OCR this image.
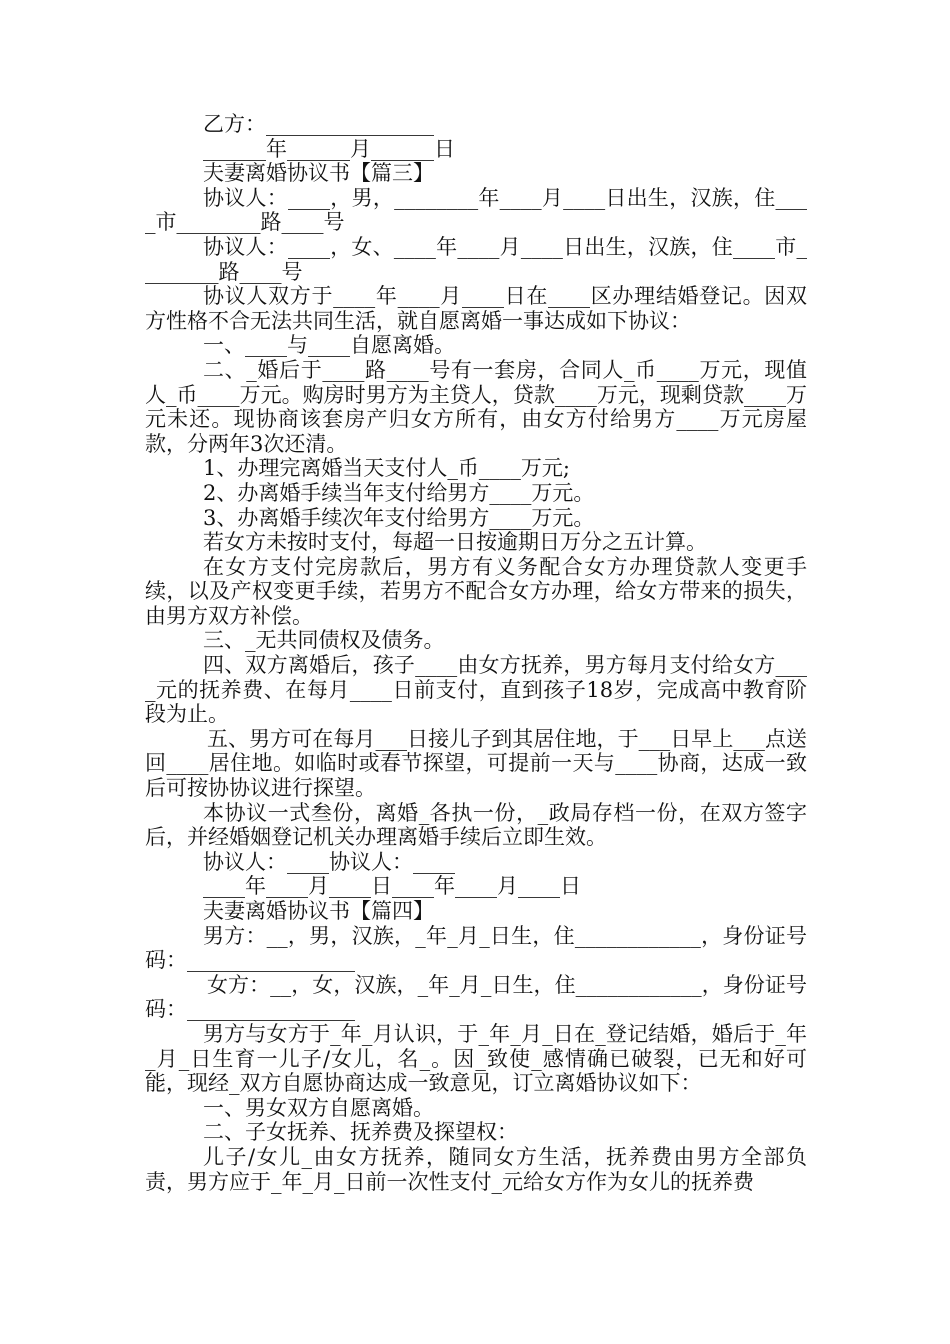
乙方：________________

______年______月______日

夫妻离婚协议书【篇三】

协议人：____，男，________年____月____日出生，汉族，住____市________路____号

协议人：____，女、____年____月____日出生，汉族，住____市________路____号

协议人双方于____年____月____日在____区办理结婚登记。因双方性格不合无法共同生活，就自愿离婚一事达成如下协议：

一、____与____自愿离婚。

二、_婚后于____路____号有一套房，合同人_币____万元，现值人_币____万元。购房时男方为主贷人，贷款____万元，现剩贷款____万元未还。现协商该套房产归女方所有，由女方付给男方____万元房屋款，分两年3次还清。

1、办理完离婚当天支付人_币____万元;

2、办离婚手续当年支付给男方____万元。

3、办离婚手续次年支付给男方____万元。

若女方未按时支付，每超一日按逾期日万分之五计算。

在女方支付完房款后，男方有义务配合女方办理贷款人变更手续，以及产权变更手续，若男方不配合女方办理，给女方带来的损失，由男方双方补偿。

三、_无共同债权及债务。

四、双方离婚后，孩子____由女方抚养，男方每月支付给女方____元的抚养费、在每月____日前支付，直到孩子18岁，完成高中教育阶段为止。

五、男方可在每月___日接儿子到其居住地，于___日早上___点送回____居住地。如临时或春节探望，可提前一天与____协商，达成一致后可按协协议进行探望。

本协议一式叁份，离婚_各执一份，_政局存档一份，在双方签字后，并经婚姻登记机关办理离婚手续后立即生效。

协议人：____协议人：____

____年____月____日____年____月____日

夫妻离婚协议书【篇四】

男方：__，男，汉族，_年_月_日生，住____________，身份证号码：________________

女方：__，女，汉族，_年_月_日生，住____________，身份证号码：________________

男方与女方于_年_月认识，于_年_月_日在_登记结婚，婚后于_年_月_日生育一儿子/女儿，名_。因_致使_感情确已破裂，已无和好可能，现经_双方自愿协商达成一致意见，订立离婚协议如下：

一、男女双方自愿离婚。

二、子女抚养、抚养费及探望权：

儿子/女儿_由女方抚养，随同女方生活，抚养费由男方全部负责，男方应于_年_月_日前一次性支付_元给女方作为女儿的抚养费
